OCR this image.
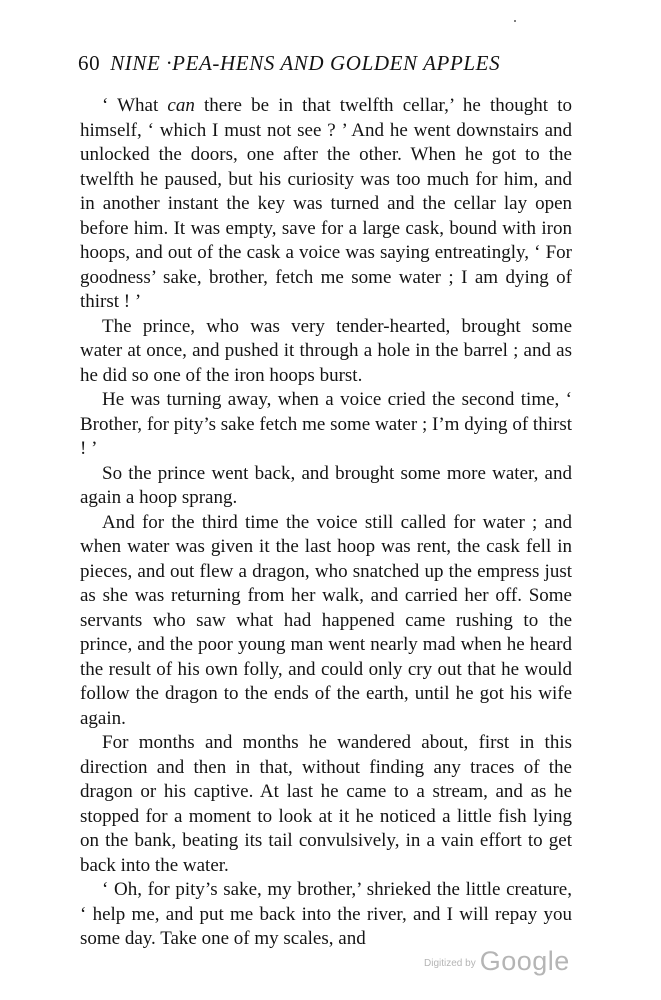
60 NINE ·PEA-HENS AND GOLDEN APPLES

‘ What can there be in that twelfth cellar,’ he thought to himself, ‘ which I must not see ? ’ And he went downstairs and unlocked the doors, one after the other. When he got to the twelfth he paused, but his curiosity was too much for him, and in another instant the key was turned and the cellar lay open before him. It was empty, save for a large cask, bound with iron hoops, and out of the cask a voice was saying entreatingly, ‘ For goodness’ sake, brother, fetch me some water ; I am dying of thirst ! ’

The prince, who was very tender-hearted, brought some water at once, and pushed it through a hole in the barrel ; and as he did so one of the iron hoops burst.

He was turning away, when a voice cried the second time, ‘ Brother, for pity’s sake fetch me some water ; I’m dying of thirst ! ’

So the prince went back, and brought some more water, and again a hoop sprang.

And for the third time the voice still called for water ; and when water was given it the last hoop was rent, the cask fell in pieces, and out flew a dragon, who snatched up the empress just as she was returning from her walk, and carried her off. Some servants who saw what had happened came rushing to the prince, and the poor young man went nearly mad when he heard the result of his own folly, and could only cry out that he would follow the dragon to the ends of the earth, until he got his wife again.

For months and months he wandered about, first in this direction and then in that, without finding any traces of the dragon or his captive. At last he came to a stream, and as he stopped for a moment to look at it he noticed a little fish lying on the bank, beating its tail convulsively, in a vain effort to get back into the water.

‘ Oh, for pity’s sake, my brother,’ shrieked the little creature, ‘ help me, and put me back into the river, and I will repay you some day. Take one of my scales, and

$^{Digitized by}$ Google
